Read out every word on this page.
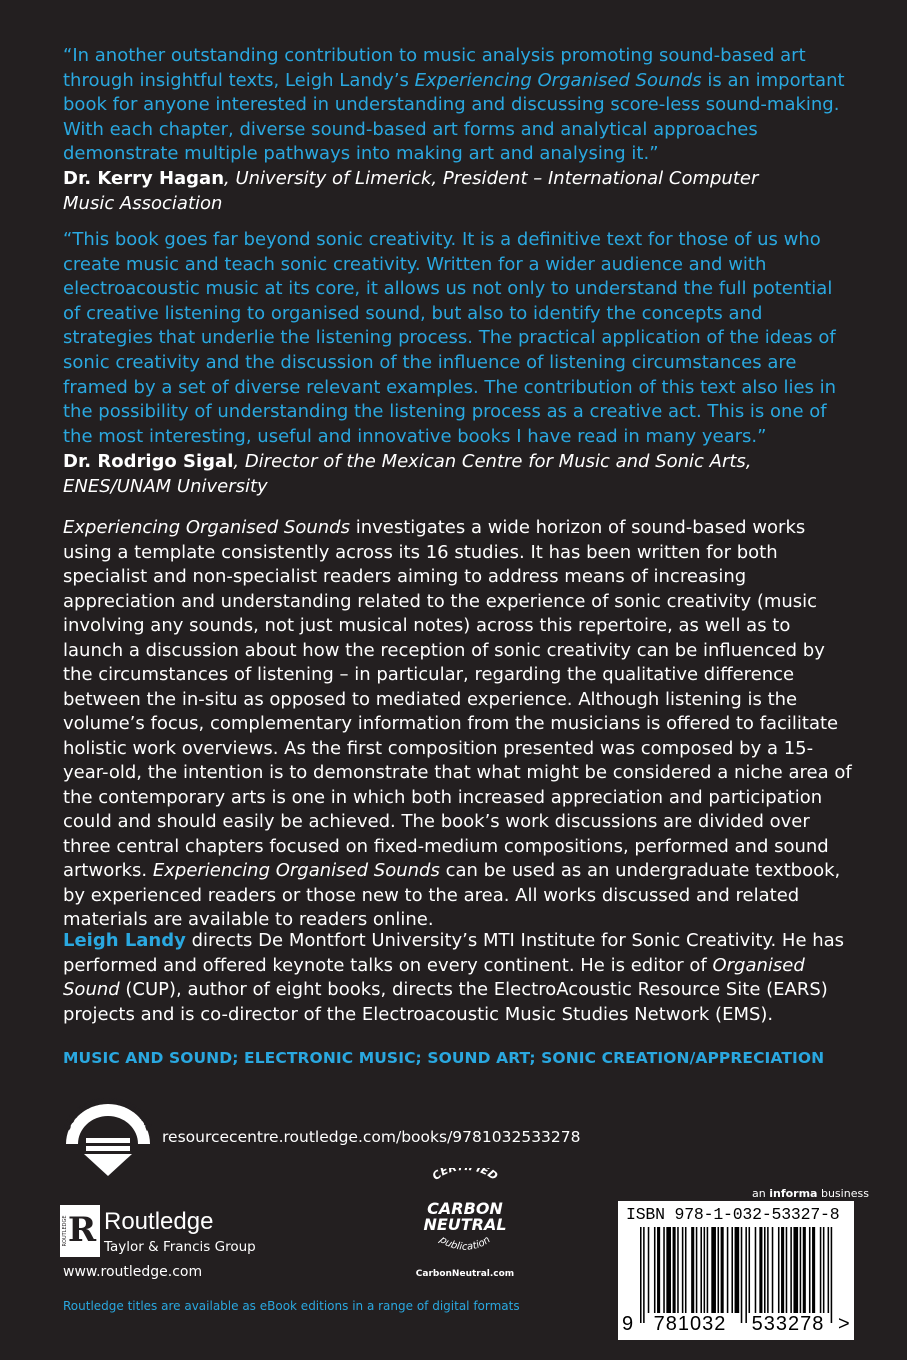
“In another outstanding contribution to music analysis promoting sound-based art through insightful texts, Leigh Landy’s Experiencing Organised Sounds is an important book for anyone interested in understanding and discussing score-less sound-making. With each chapter, diverse sound-based art forms and analytical approaches demonstrate multiple pathways into making art and analysing it.”
Dr. Kerry Hagan, University of Limerick, President – International Computer Music Association
“This book goes far beyond sonic creativity. It is a definitive text for those of us who create music and teach sonic creativity. Written for a wider audience and with electroacoustic music at its core, it allows us not only to understand the full potential of creative listening to organised sound, but also to identify the concepts and strategies that underlie the listening process. The practical application of the ideas of sonic creativity and the discussion of the influence of listening circumstances are framed by a set of diverse relevant examples. The contribution of this text also lies in the possibility of understanding the listening process as a creative act. This is one of the most interesting, useful and innovative books I have read in many years.”
Dr. Rodrigo Sigal, Director of the Mexican Centre for Music and Sonic Arts, ENES/UNAM University
Experiencing Organised Sounds investigates a wide horizon of sound-based works using a template consistently across its 16 studies. It has been written for both specialist and non-specialist readers aiming to address means of increasing appreciation and understanding related to the experience of sonic creativity (music involving any sounds, not just musical notes) across this repertoire, as well as to launch a discussion about how the reception of sonic creativity can be influenced by the circumstances of listening – in particular, regarding the qualitative difference between the in-situ as opposed to mediated experience. Although listening is the volume’s focus, complementary information from the musicians is offered to facilitate holistic work overviews. As the first composition presented was composed by a 15-year-old, the intention is to demonstrate that what might be considered a niche area of the contemporary arts is one in which both increased appreciation and participation could and should easily be achieved. The book’s work discussions are divided over three central chapters focused on fixed-medium compositions, performed and sound artworks. Experiencing Organised Sounds can be used as an undergraduate textbook, by experienced readers or those new to the area. All works discussed and related materials are available to readers online.
Leigh Landy directs De Montfort University’s MTI Institute for Sonic Creativity. He has performed and offered keynote talks on every continent. He is editor of Organised Sound (CUP), author of eight books, directs the ElectroAcoustic Resource Site (EARS) projects and is co-director of the Electroacoustic Music Studies Network (EMS).
MUSIC AND SOUND; ELECTRONIC MUSIC; SOUND ART; SONIC CREATION/APPRECIATION
SUPPORT MATERIAL
resourcecentre.routledge.com/books/9781032533278
R
ROUTLEDGE Routledge
Taylor & Francis Group
www.routledge.com
Routledge titles are available as eBook editions in a range of digital formats
CER IED
CARBON
NEUTRAL
publication
CarbonNeutral.com
an informa business
ISBN 978-1-032-53327-8
9	781032	533278 >
